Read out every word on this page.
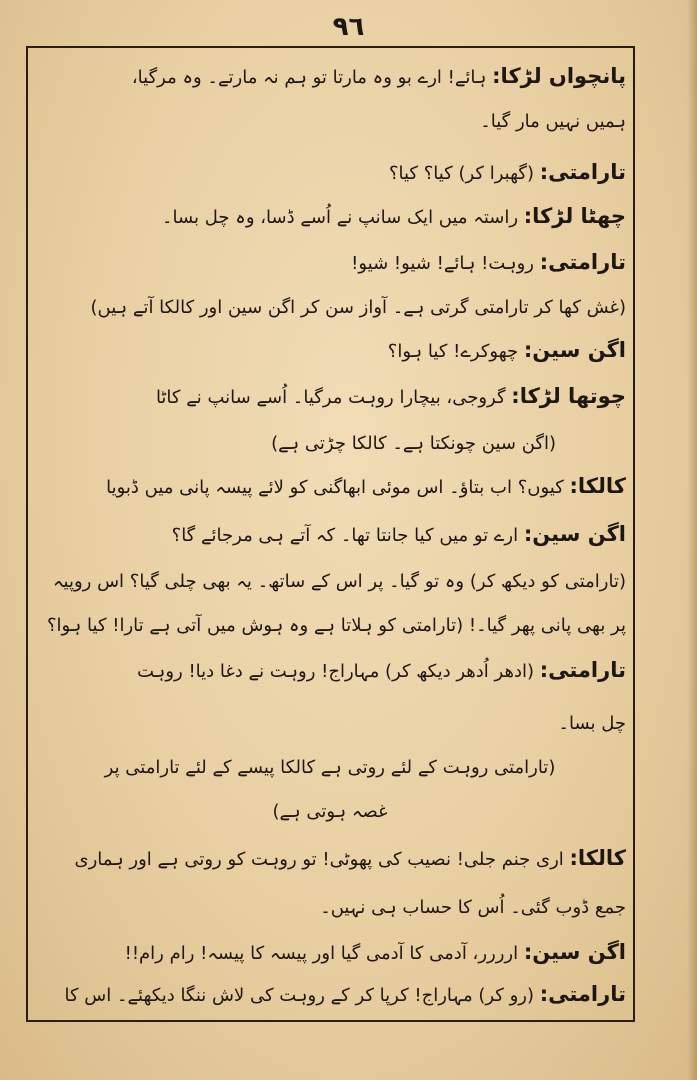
٩٦
پانچواں لڑکا: ہائے! ارے بو وہ مارتا تو ہم نہ مارتے۔ وہ مرگیا،
ہمیں نہیں مار گیا۔
تارامتی: (گھبرا کر) کیا؟ کیا؟
چھٹا لڑکا: راستہ میں ایک سانپ نے اُسے ڈسا، وہ چل بسا۔
تارامتی: روہت! ہائے! شیو! شیو!
(غش کھا کر تارامتی گرتی ہے۔ آواز سن کر اگن سین اور کالکا آتے ہیں)
اگن سین: چھوکرے! کیا ہوا؟
چوتھا لڑکا: گروجی، بیچارا روہت مرگیا۔ اُسے سانپ نے کاٹا
(اگن سین چونکتا ہے۔ کالکا چڑتی ہے)
کالکا: کیوں؟ اب بتاؤ۔ اس موئی ابھاگنی کو لائے پیسہ پانی میں ڈبویا
اگن سین: ارے تو میں کیا جانتا تھا۔ کہ آتے ہی مرجائے گا؟
(تارامتی کو دیکھ کر) وہ تو گیا۔ پر اس کے ساتھ۔ یہ بھی چلی گیا؟ اس روپیہ
پر بھی پانی پھر گیا۔! (تارامتی کو ہلاتا ہے وہ ہوش میں آتی ہے تارا! کیا ہوا؟
تارامتی: (ادھر اُدھر دیکھ کر) مہاراج! روہت نے دغا دیا! روہت
چل بسا۔
(تارامتی روہت کے لئے روتی ہے کالکا پیسے کے لئے تارامتی پر
غصہ ہوتی ہے)
کالکا: اری جنم جلی! نصیب کی پھوٹی! تو روہت کو روتی ہے اور ہماری
جمع ڈوب گئی۔ اُس کا حساب ہی نہیں۔
اگن سین: ارررر، آدمی کا آدمی گیا اور پیسہ کا پیسہ! رام رام!!
تارامتی: (رو کر) مہاراج! کرپا کر کے روہت کی لاش ننگا دیکھئے۔ اس کا
